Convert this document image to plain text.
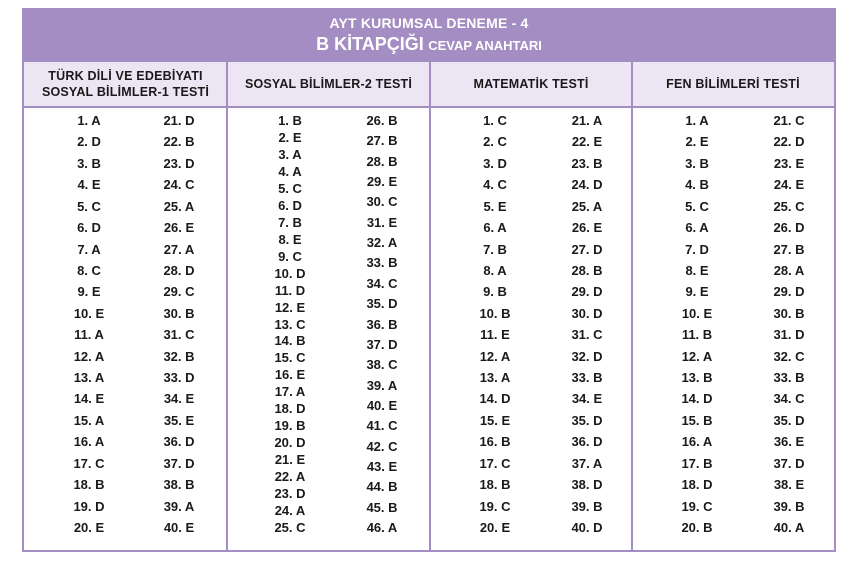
AYT KURUMSAL DENEME - 4
B KİTAPÇIĞI CEVAP ANAHTARI
TÜRK DİLİ VE EDEBİYATI
SOSYAL BİLİMLER-1 TESTİ
SOSYAL BİLİMLER-2 TESTİ	MATEMATİK TESTİ	FEN BİLİMLERİ TESTİ
1. A
2. D
3. B
4. E
5. C
6. D
7. A
8. C
9. E
10. E
11. A
12. A
13. A
14. E
15. A
16. A
17. C
18. B
19. D
20. E
21. D
22. B
23. D
24. C
25. A
26. E
27. A
28. D
29. C
30. B
31. C
32. B
33. D
34. E
35. E
36. D
37. D
38. B
39. A
40. E
1. B
2. E
3. A
4. A
5. C
6. D
7. B
8. E
9. C
10. D
11. D
12. E
13. C
14. B
15. C
16. E
17. A
18. D
19. B
20. D
21. E
22. A
23. D
24. A
25. C
26. B
27. B
28. B
29. E
30. C
31. E
32. A
33. B
34. C
35. D
36. B
37. D
38. C
39. A
40. E
41. C
42. C
43. E
44. B
45. B
46. A
1. C
2. C
3. D
4. C
5. E
6. A
7. B
8. A
9. B
10. B
11. E
12. A
13. A
14. D
15. E
16. B
17. C
18. B
19. C
20. E
21. A
22. E
23. B
24. D
25. A
26. E
27. D
28. B
29. D
30. D
31. C
32. D
33. B
34. E
35. D
36. D
37. A
38. D
39. B
40. D
1. A
2. E
3. B
4. B
5. C
6. A
7. D
8. E
9. E
10. E
11. B
12. A
13. B
14. D
15. B
16. A
17. B
18. D
19. C
20. B
21. C
22. D
23. E
24. E
25. C
26. D
27. B
28. A
29. D
30. B
31. D
32. C
33. B
34. C
35. D
36. E
37. D
38. E
39. B
40. A
